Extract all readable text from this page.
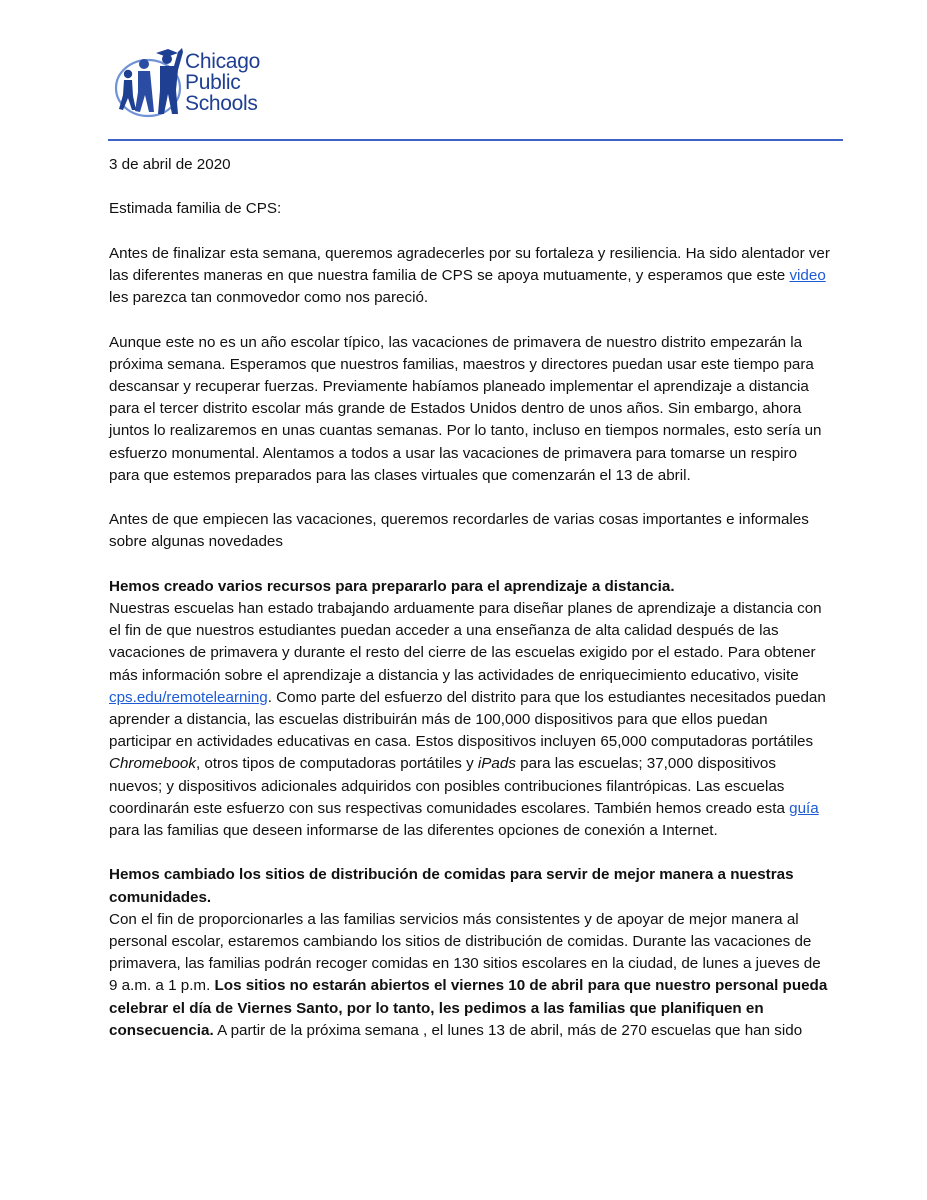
Chicago
Public
Schools

3 de abril de 2020

Estimada familia de CPS:

Antes de finalizar esta semana, queremos agradecerles por su fortaleza y resiliencia. Ha sido alentador ver las diferentes maneras en que nuestra familia de CPS se apoya mutuamente, y esperamos que este video les parezca tan conmovedor como nos pareció.

Aunque este no es un año escolar típico, las vacaciones de primavera de nuestro distrito empezarán la próxima semana. Esperamos que nuestros familias, maestros y directores puedan usar este tiempo para descansar y recuperar fuerzas. Previamente habíamos planeado implementar el aprendizaje a distancia para el tercer distrito escolar más grande de Estados Unidos dentro de unos años. Sin embargo, ahora juntos lo realizaremos en unas cuantas semanas. Por lo tanto, incluso en tiempos normales, esto sería un esfuerzo monumental. Alentamos a todos a usar las vacaciones de primavera para tomarse un respiro para que estemos preparados para las clases virtuales que comenzarán el 13 de abril.

Antes de que empiecen las vacaciones, queremos recordarles de varias cosas importantes e informales sobre algunas novedades

Hemos creado varios recursos para prepararlo para el aprendizaje a distancia.

Nuestras escuelas han estado trabajando arduamente para diseñar planes de aprendizaje a distancia con el fin de que nuestros estudiantes puedan acceder a una enseñanza de alta calidad después de las vacaciones de primavera y durante el resto del cierre de las escuelas exigido por el estado. Para obtener más información sobre el aprendizaje a distancia y las actividades de enriquecimiento educativo, visite cps.edu/remotelearning. Como parte del esfuerzo del distrito para que los estudiantes necesitados puedan aprender a distancia, las escuelas distribuirán más de 100,000 dispositivos para que ellos puedan participar en actividades educativas en casa. Estos dispositivos incluyen 65,000 computadoras portátiles Chromebook, otros tipos de computadoras portátiles y iPads para las escuelas; 37,000 dispositivos nuevos; y dispositivos adicionales adquiridos con posibles contribuciones filantrópicas. Las escuelas coordinarán este esfuerzo con sus respectivas comunidades escolares. También hemos creado esta guía para las familias que deseen informarse de las diferentes opciones de conexión a Internet.

Hemos cambiado los sitios de distribución de comidas para servir de mejor manera a nuestras comunidades.

Con el fin de proporcionarles a las familias servicios más consistentes y de apoyar de mejor manera al personal escolar, estaremos cambiando los sitios de distribución de comidas. Durante las vacaciones de primavera, las familias podrán recoger comidas en 130 sitios escolares en la ciudad, de lunes a jueves de 9 a.m. a 1 p.m. Los sitios no estarán abiertos el viernes 10 de abril para que nuestro personal pueda celebrar el día de Viernes Santo, por lo tanto, les pedimos a las familias que planifiquen en consecuencia. A partir de la próxima semana , el lunes 13 de abril, más de 270 escuelas que han sido
